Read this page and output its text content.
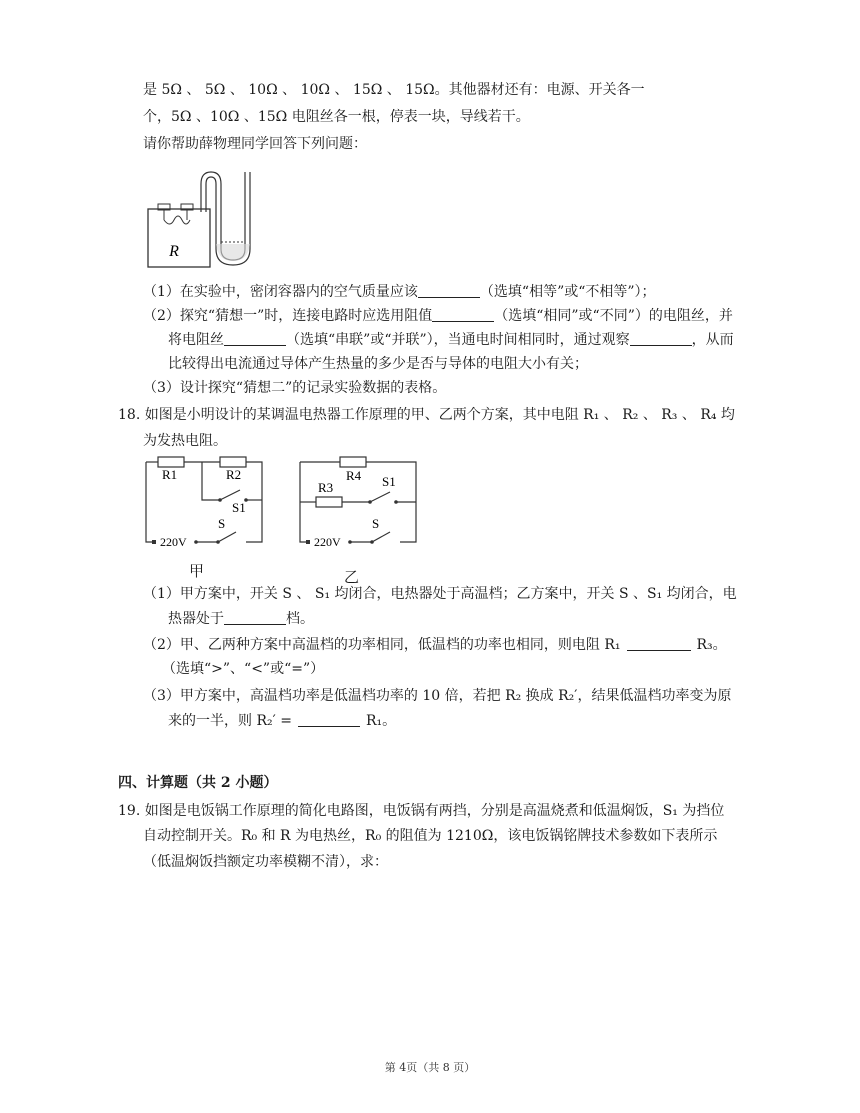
是 5Ω 、 5Ω 、 10Ω 、 10Ω 、 15Ω 、 15Ω。其他器材还有：电源、开关各一
个，5Ω 、10Ω 、15Ω 电阻丝各一根，停表一块，导线若干。
请你帮助薛物理同学回答下列问题：
R
（1）在实验中，密闭容器内的空气质量应该	（选填“相等”或“不相等”）；
（2）探究“猜想一”时，连接电路时应选用阻值	（选填“相同”或“不同”）的电阻丝，并
将电阻丝	（选填“串联”或“并联”），当通电时间相同时，通过观察	，从而
比较得出电流通过导体产生热量的多少是否与导体的电阻大小有关；
（3）设计探究“猜想二”的记录实验数据的表格。
18. 如图是小明设计的某调温电热器工作原理的甲、乙两个方案，其中电阻 R₁ 、 R₂ 、 R₃ 、 R₄ 均
为发热电阻。
R1	R2
S1
S
220V
甲
R4
R3	S1
S
220V
乙
（1）甲方案中，开关 S 、 S₁ 均闭合，电热器处于高温档；乙方案中，开关 S 、S₁ 均闭合，电
热器处于	档。
（2）甲、乙两种方案中高温档的功率相同，低温档的功率也相同，则电阻 R₁	R₃。
（选填“>”、“<”或“=”）
（3）甲方案中，高温档功率是低温档功率的 10 倍，若把 R₂ 换成 R₂′，结果低温档功率变为原
来的一半，则 R₂′ =	R₁。
四、计算题（共 2 小题）
19. 如图是电饭锅工作原理的简化电路图，电饭锅有两挡，分别是高温烧煮和低温焖饭，S₁ 为挡位
自动控制开关。R₀ 和 R 为电热丝，R₀ 的阻值为 1210Ω，该电饭锅铭牌技术参数如下表所示
（低温焖饭挡额定功率模糊不清），求：
第 4页（共 8 页）
